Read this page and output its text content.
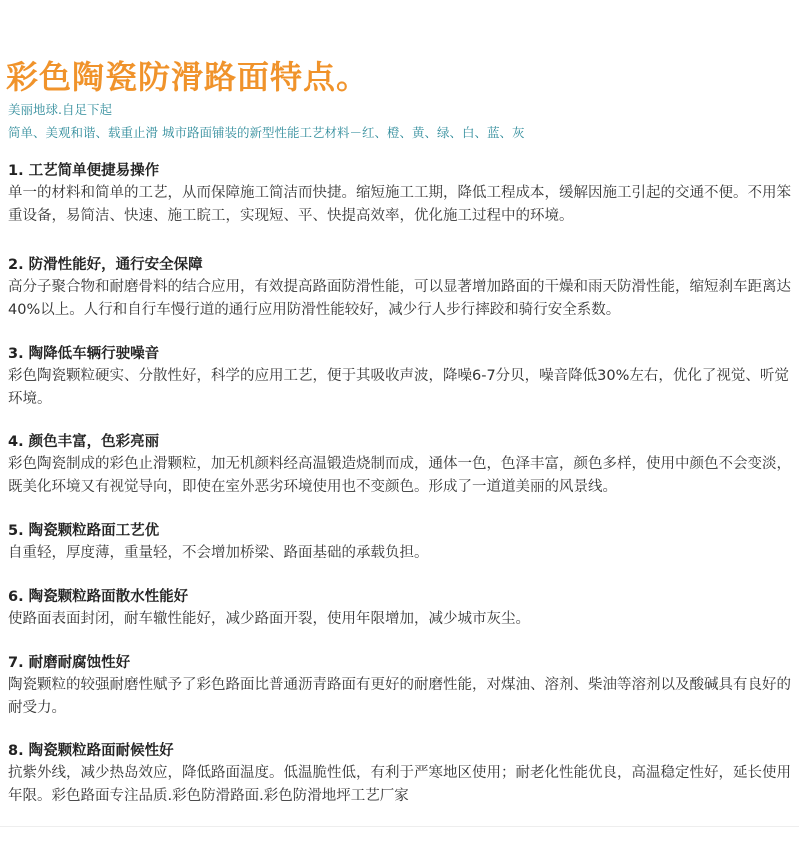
彩色陶瓷防滑路面特点。
美丽地球.自足下起
简单、美观和谐、载重止滑 城市路面铺装的新型性能工艺材料－红、橙、黄、绿、白、蓝、灰
1. 工艺简单便捷易操作

单一的材料和简单的工艺，从而保障施工简洁而快捷。缩短施工工期，降低工程成本，缓解因施工引起的交通不便。不用笨重设备，易简洁、快速、施工睆工，实现短、平、快提高效率，优化施工过程中的环境。

2. 防滑性能好，通行安全保障

高分子聚合物和耐磨骨料的结合应用，有效提高路面防滑性能，可以显著增加路面的干燥和雨天防滑性能，缩短刹车距离达40%以上。人行和自行车慢行道的通行应用防滑性能较好，减少行人步行摔跤和骑行安全系数。

3. 陶降低车辆行驶噪音

彩色陶瓷颗粒硬实、分散性好，科学的应用工艺，便于其吸收声波，降噪6-7分贝，噪音降低30%左右，优化了视觉、听觉环境。

4. 颜色丰富，色彩亮丽

彩色陶瓷制成的彩色止滑颗粒，加无机颜料经高温锻造烧制而成，通体一色，色泽丰富，颜色多样，使用中颜色不会变淡，既美化环境又有视觉导向，即使在室外恶劣环境使用也不变颜色。形成了一道道美丽的风景线。

5. 陶瓷颗粒路面工艺优

自重轻，厚度薄，重量轻，不会增加桥梁、路面基础的承载负担。

6. 陶瓷颗粒路面散水性能好

使路面表面封闭，耐车辙性能好，减少路面开裂，使用年限增加，减少城市灰尘。

7. 耐磨耐腐蚀性好

陶瓷颗粒的较强耐磨性赋予了彩色路面比普通沥青路面有更好的耐磨性能，对煤油、溶剂、柴油等溶剂以及酸碱具有良好的耐受力。

8. 陶瓷颗粒路面耐候性好

抗紫外线，减少热岛效应，降低路面温度。低温脆性低，有利于严寒地区使用；耐老化性能优良，高温稳定性好，延长使用年限。彩色路面专注品质.彩色防滑路面.彩色防滑地坪工艺厂家
